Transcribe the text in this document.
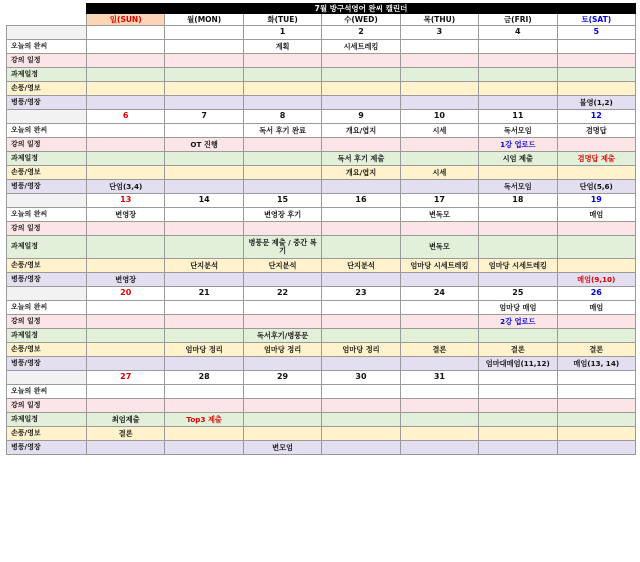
	7월 방구석영어 완씨 캘린더						
	일(SUN)	월(MON)	화(TUE)	수(WED)	목(THU)	금(FRI)	토(SAT)
			1	2	3	4	5
오늘의 완씨			계획	시세트레킹			
강의 일정							
과제일정							
손풍/영보							
병풍/영장							불영(1,2)
	6	7	8	9	10	11	12
오늘의 완씨			독서 후기 완료	개요/엽지	시세	독서모임	겸명답
강의 일정		OT 진행				1강 업로드	
과제일정				독서 후기 제출		시엄 제출	겸명답 제출
손풍/영보				개요/엽지	시세		
병풍/영장	단엄(3,4)					독서모임	단엄(5,6)
	13	14	15	16	17	18	19
오늘의 완씨	변영장		변영장 후기		변독모		매엄
강의 일정							
과제일정			병풍문 제출 / 중간 복기		변독모		
손풍/영보		단지분석	단지분석	단지분석	엄마당 시세트레킹	엄마당 시세트레킹	
병풍/영장	변영장						매엄(9,10)
	20	21	22	23	24	25	26
오늘의 완씨						엄마당 매엄	매엄
강의 일정						2강 업로드	
과제일정			독서후기/병풍문				
손풍/영보		엄마당 정리	엄마당 정리	엄마당 정리	결론	결론	결론
병풍/영장						엄마대매엄(11,12)	매엄(13, 14)
	27	28	29	30	31		
오늘의 완씨							
강의 일정							
과제일정	최엄제출	Top3 제출					
손풍/영보	결론						
병풍/영장			변모엄				
